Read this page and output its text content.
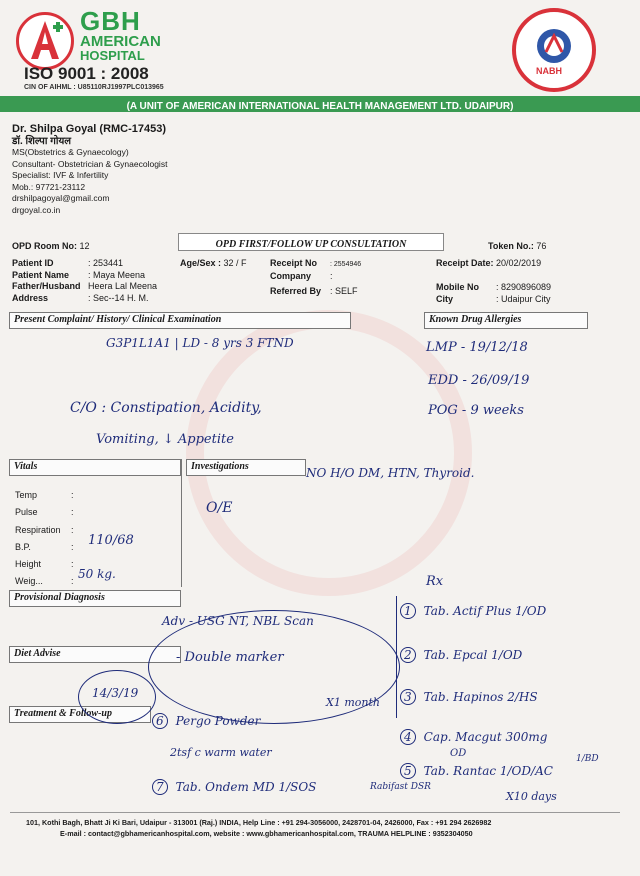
GBH
AMERICAN
HOSPITAL
ISO 9001 : 2008
CIN OF AIHML : U85110RJ1997PLC013965
NABH
(A UNIT OF AMERICAN INTERNATIONAL HEALTH MANAGEMENT LTD. UDAIPUR)
Dr. Shilpa Goyal (RMC-17453)
डॉ. शिल्पा गोयल
MS(Obstetrics & Gynaecology)
Consultant- Obstetrician & Gynaecologist
Specialist: IVF & Infertility
Mob.: 97721-23112
drshilpagoyal@gmail.com
drgoyal.co.in
OPD Room No: 12	OPD FIRST/FOLLOW UP CONSULTATION	Token No.: 76
Patient ID	: 253441
Patient Name : Maya Meena
Father/Husband Heera Lal Meena
Address	: Sec--14 H. M.
Age/Sex : 32 / F	Receipt No : 2554946
Company :
Referred By : SELF
Receipt Date: 20/02/2019
Mobile No : 8290896089
City	: Udaipur City
Present Complaint/ History/ Clinical Examination	Known Drug Allergies
Vitals	Investigations
Provisional Diagnosis
Diet Advise
Treatment & Follow-up
Temp	:
Pulse	:
Respiration :
B.P.	:
Height	:
Weig...	:
G3P1L1A1 | LD - 8 yrs 3 FTND
C/O : Constipation, Acidity,
Vomiting, ↓ Appetite
LMP - 19/12/18
EDD - 26/09/19
POG - 9 weeks
NO H/O DM, HTN, Thyroid.
O/E
110/68
50 kg.
Adv - USG NT, NBL Scan
- Double marker
14/3/19
X1 month
Rx
1 Tab. Actif Plus 1/OD
2 Tab. Epcal 1/OD
3 Tab. Hapinos 2/HS
4 Cap. Macgut 300mg
OD	1/BD
5 Tab. Rantac 1/OD/AC
Rabifast DSR
X10 days
6 Pergo Powder
2tsf c warm water
7 Tab. Ondem MD 1/SOS
101, Kothi Bagh, Bhatt Ji Ki Bari, Udaipur - 313001 (Raj.) INDIA, Help Line : +91 294-3056000, 2428701-04, 2426000, Fax : +91 294 2626982
E-mail : contact@gbhamericanhospital.com, website : www.gbhamericanhospital.com, TRAUMA HELPLINE : 9352304050
